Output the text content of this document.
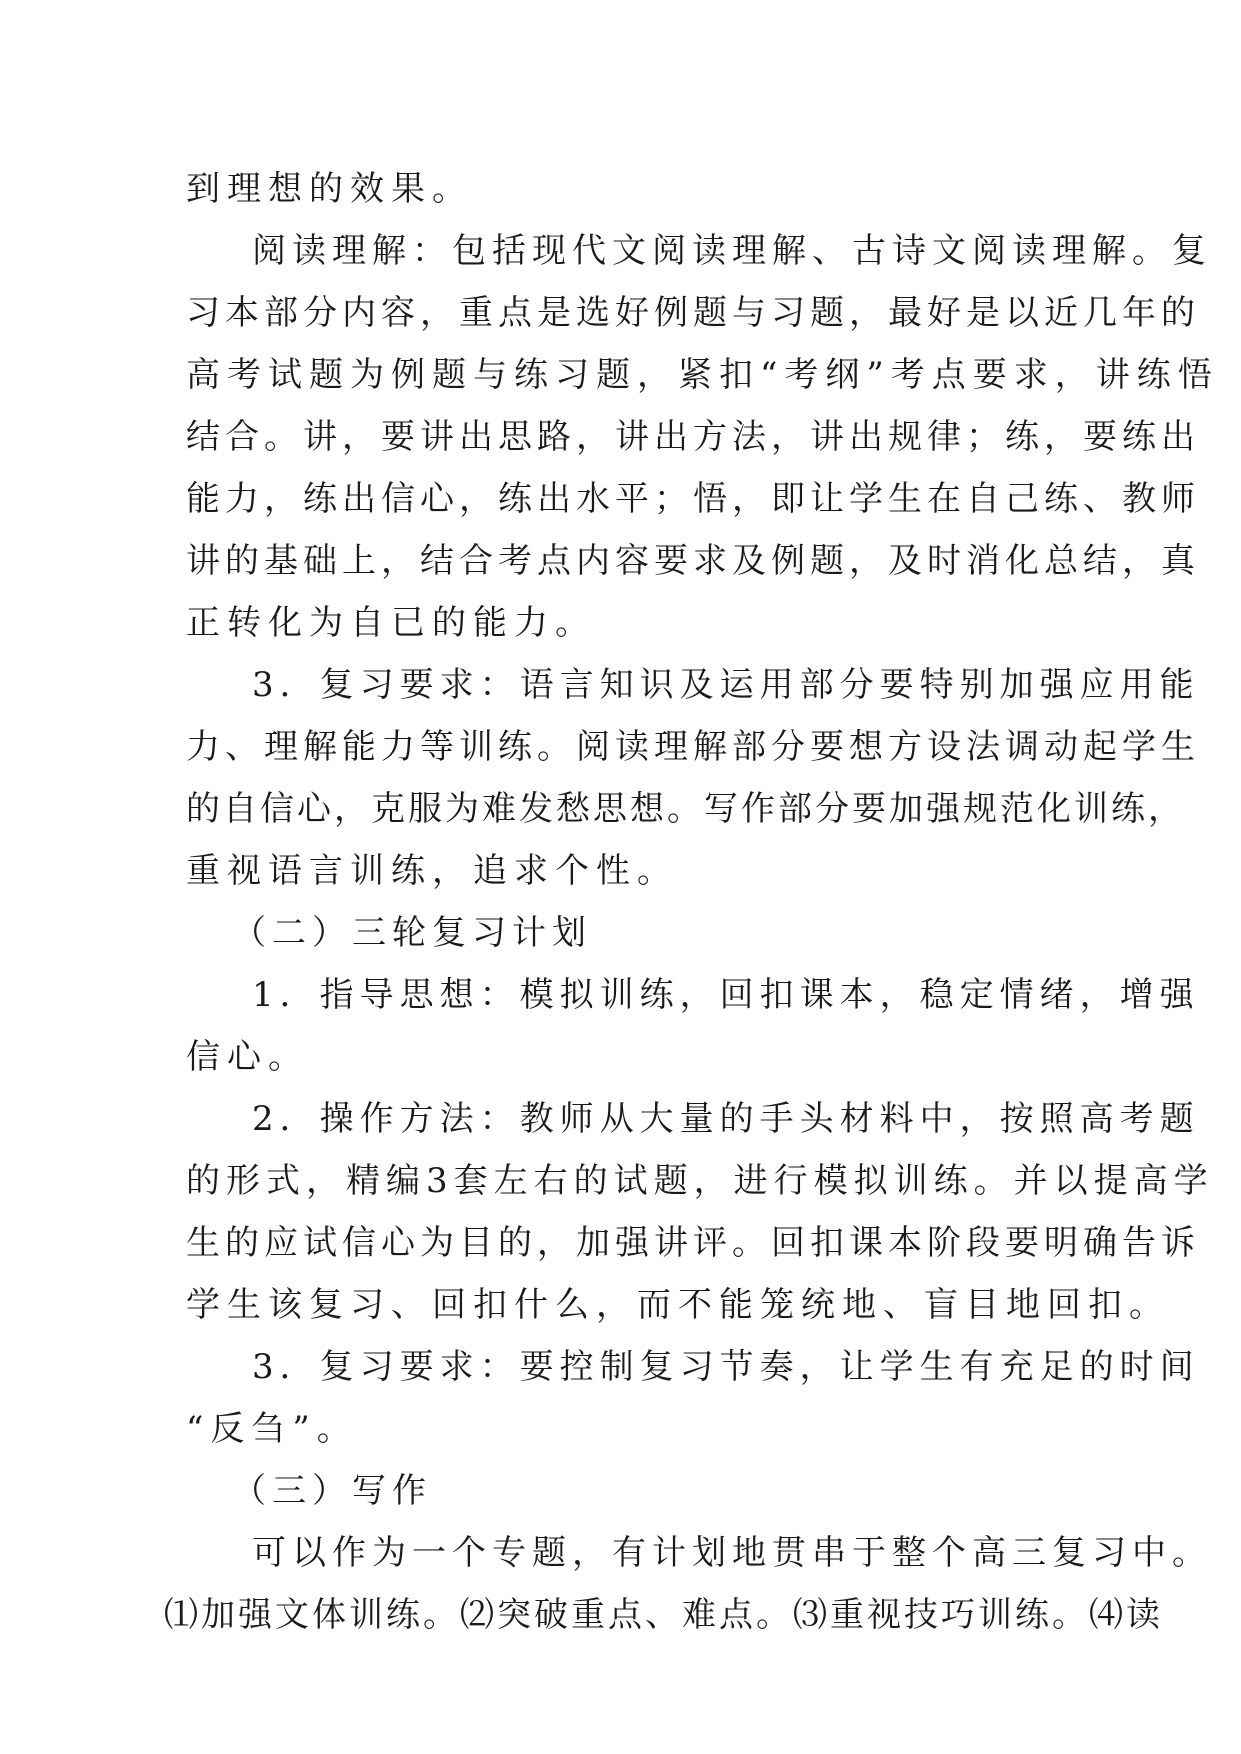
到理想的效果。
阅读理解：包括现代文阅读理解、古诗文阅读理解。复
习本部分内容，重点是选好例题与习题，最好是以近几年的
高考试题为例题与练习题，紧扣“考纲”考点要求，讲练悟
结合。讲，要讲出思路，讲出方法，讲出规律；练，要练出
能力，练出信心，练出水平；悟，即让学生在自己练、教师
讲的基础上，结合考点内容要求及例题，及时消化总结，真
正转化为自已的能力。
3．复习要求：语言知识及运用部分要特别加强应用能
力、理解能力等训练。阅读理解部分要想方设法调动起学生
的自信心，克服为难发愁思想。写作部分要加强规范化训练，
重视语言训练，追求个性。
（二）三轮复习计划
1．指导思想：模拟训练，回扣课本，稳定情绪，增强
信心。
2．操作方法：教师从大量的手头材料中，按照高考题
的形式，精编3套左右的试题，进行模拟训练。并以提高学
生的应试信心为目的，加强讲评。回扣课本阶段要明确告诉
学生该复习、回扣什么，而不能笼统地、盲目地回扣。
3．复习要求：要控制复习节奏，让学生有充足的时间
“反刍”。
（三）写作
可以作为一个专题，有计划地贯串于整个高三复习中。
⑴加强文体训练。⑵突破重点、难点。⑶重视技巧训练。⑷读
